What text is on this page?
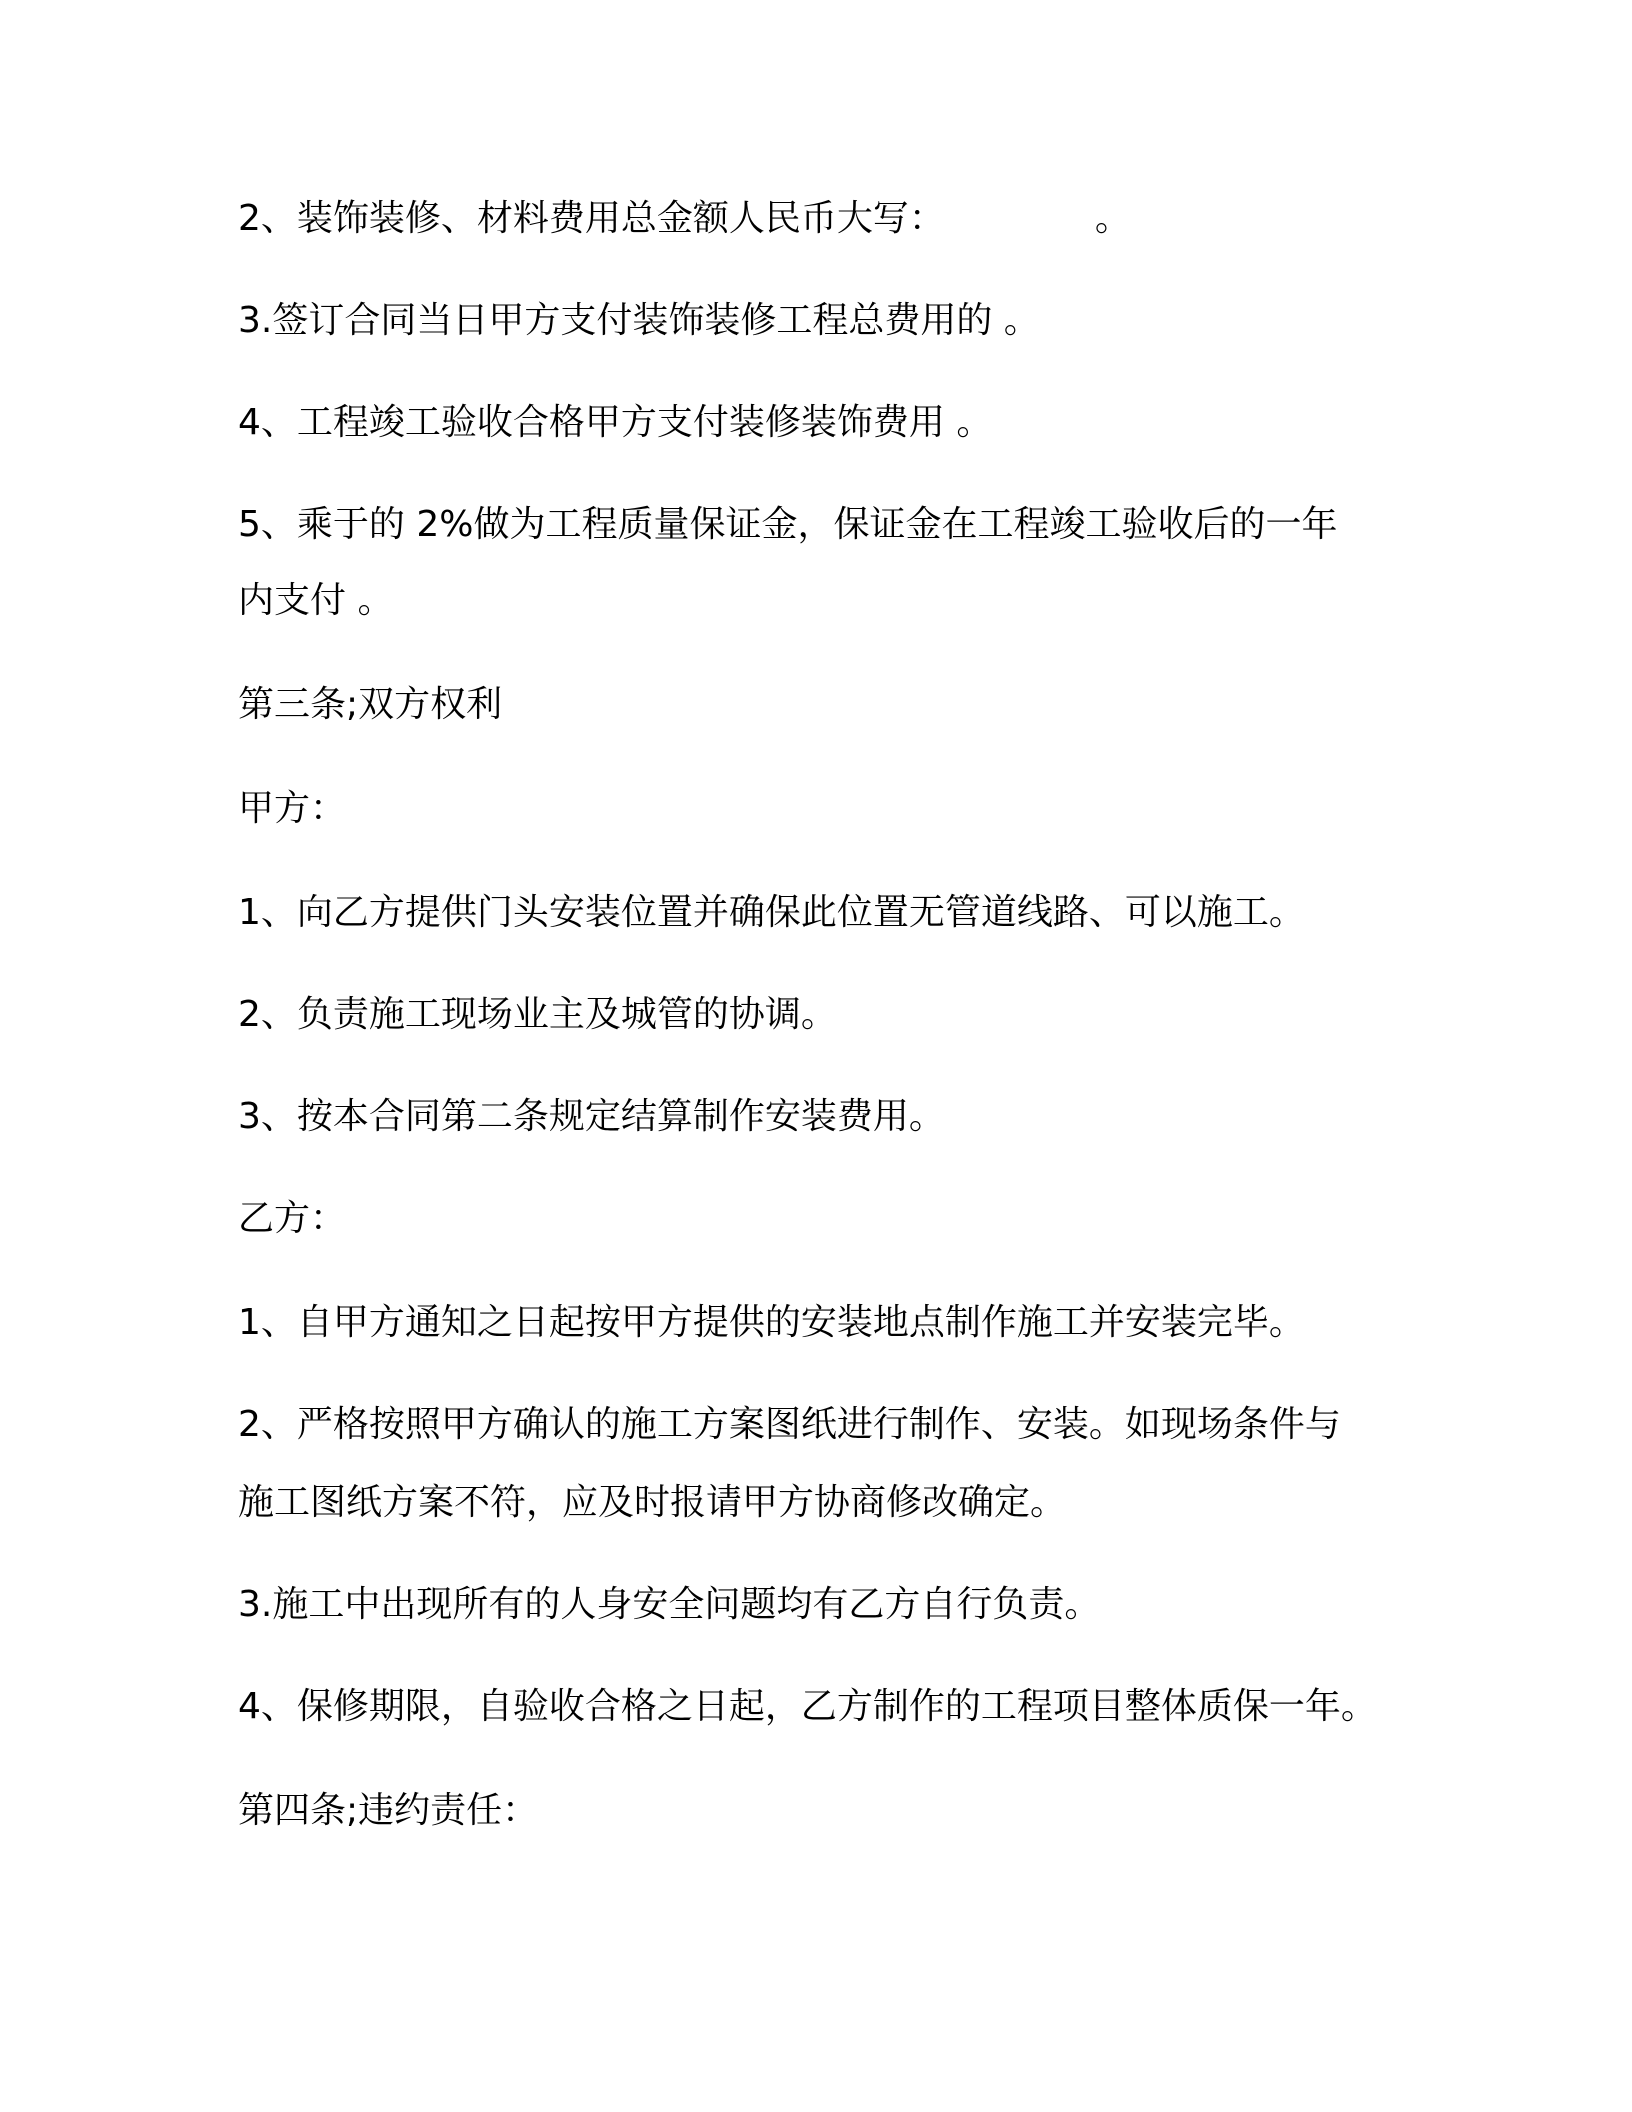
2、装饰装修、材料费用总金额人民币大写：	。

3.签订合同当日甲方支付装饰装修工程总费用的 。

4、工程竣工验收合格甲方支付装修装饰费用 。

5、乘于的 2%做为工程质量保证金，保证金在工程竣工验收后的一年

内支付 。

第三条;双方权利

甲方：

1、向乙方提供门头安装位置并确保此位置无管道线路、可以施工。

2、负责施工现场业主及城管的协调。

3、按本合同第二条规定结算制作安装费用。

乙方：

1、自甲方通知之日起按甲方提供的安装地点制作施工并安装完毕。

2、严格按照甲方确认的施工方案图纸进行制作、安装。如现场条件与

施工图纸方案不符，应及时报请甲方协商修改确定。

3.施工中出现所有的人身安全问题均有乙方自行负责。

4、保修期限，自验收合格之日起，乙方制作的工程项目整体质保一年。

第四条;违约责任：
